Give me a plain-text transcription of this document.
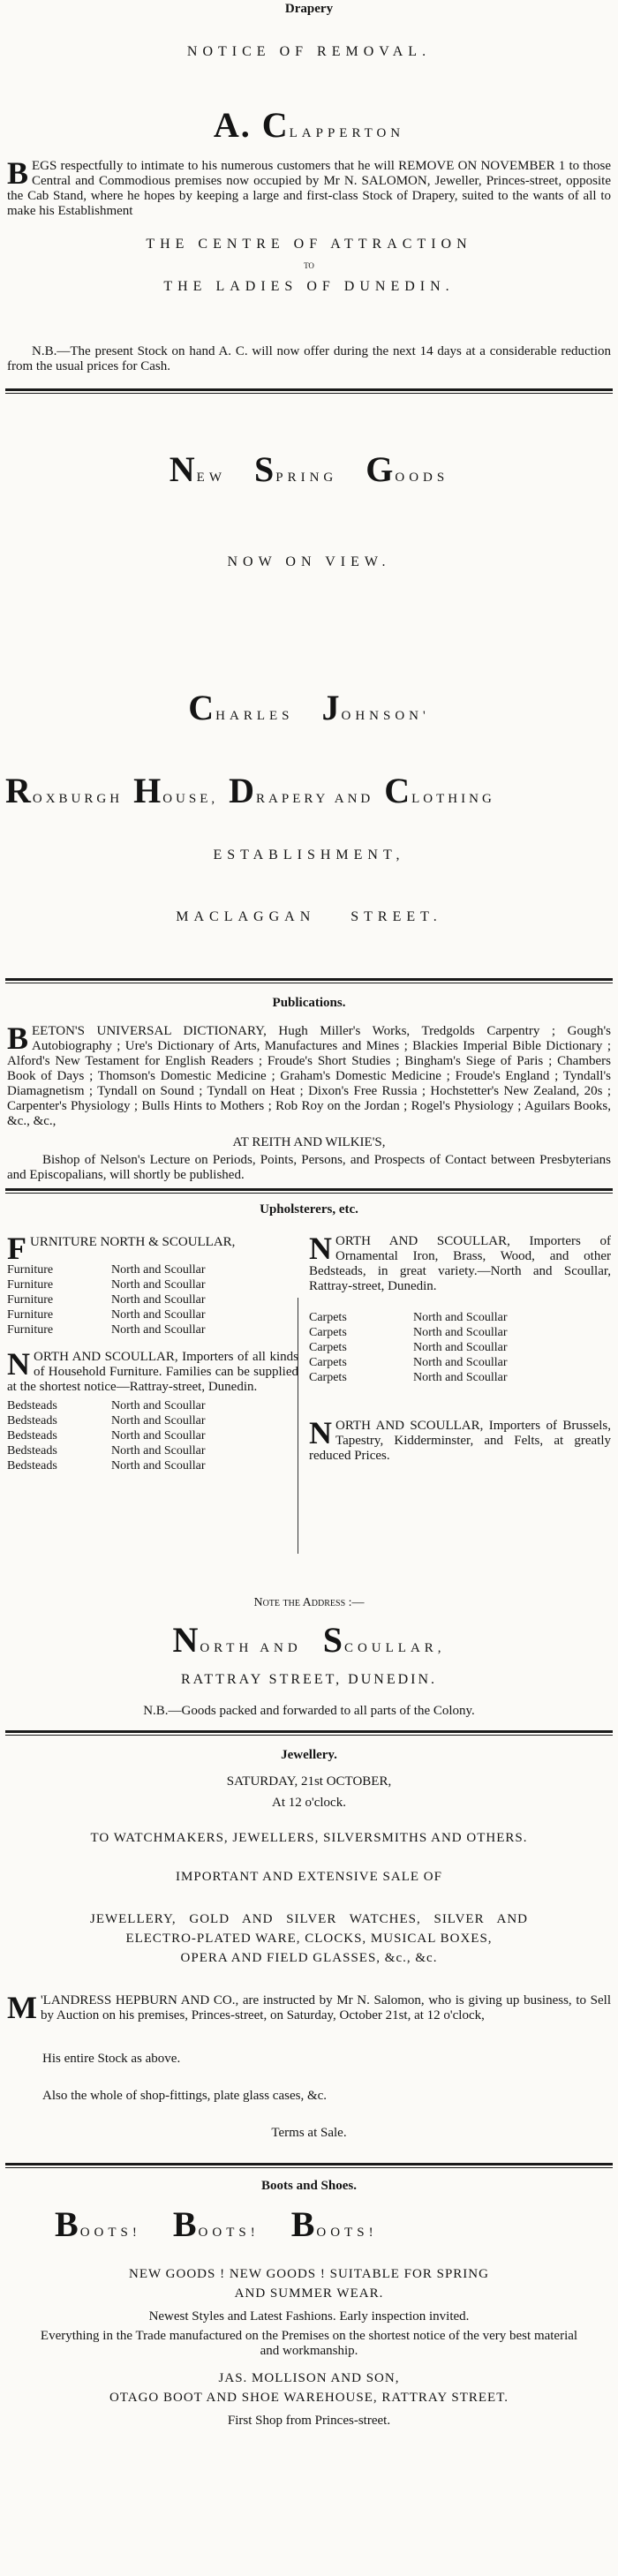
Drapery
NOTICE OF REMOVAL.
A. CLAPPERTON

BEGS respectfully to intimate to his numerous customers that he will REMOVE ON NOVEMBER 1 to those Central and Commodious premises now occupied by Mr N. SALOMON, Jeweller, Princes-street, opposite the Cab Stand, where he hopes by keeping a large and first-class Stock of Drapery, suited to the wants of all to make his Establishment

THE CENTRE OF ATTRACTION
TO
THE LADIES OF DUNEDIN.

N.B.—The present Stock on hand A. C. will now offer during the next 14 days at a considerable reduction from the usual prices for Cash.

NEW SPRING GOODS
NOW ON VIEW.
CHARLES JOHNSON'
ROXBURGH HOUSE, DRAPERY AND CLOTHING
ESTABLISHMENT,
MACLAGGAN STREET.
Publications.

BEETON'S UNIVERSAL DICTIONARY, Hugh Miller's Works, Tredgolds Carpentry ; Gough's Autobiography ; Ure's Dictionary of Arts, Manufactures and Mines ; Blackies Imperial Bible Dictionary ; Alford's New Testament for English Readers ; Froude's Short Studies ; Bingham's Siege of Paris ; Chambers Book of Days ; Thomson's Domestic Medicine ; Graham's Domestic Medicine ; Froude's England ; Tyndall's Diamagnetism ; Tyndall on Sound ; Tyndall on Heat ; Dixon's Free Russia ; Hochstetter's New Zealand, 20s ; Carpenter's Physiology ; Bulls Hints to Mothers ; Rob Roy on the Jordan ; Rogel's Physiology ; Aguilars Books, &c., &c.,

AT REITH AND WILKIE'S,

Bishop of Nelson's Lecture on Periods, Points, Persons, and Prospects of Contact between Presbyterians and Episcopalians, will shortly be published.

Upholsterers, etc.
FURNITURE NORTH & SCOULLAR,
Furniture	North and Scoullar
Furniture	North and Scoullar
Furniture	North and Scoullar
Furniture	North and Scoullar
Furniture	North and Scoullar
NORTH AND SCOULLAR, Importers of all kinds of Household Furniture. Families can be supplied at the shortest notice—Rattray-street, Dunedin.
Bedsteads	North and Scoullar
Bedsteads	North and Scoullar
Bedsteads	North and Scoullar
Bedsteads	North and Scoullar
Bedsteads	North and Scoullar
NORTH AND SCOULLAR, Importers of Ornamental Iron, Brass, Wood, and other Bedsteads, in great variety.—North and Scoullar, Rattray-street, Dunedin.
Carpets	North and Scoullar
Carpets	North and Scoullar
Carpets	North and Scoullar
Carpets	North and Scoullar
Carpets	North and Scoullar
NORTH AND SCOULLAR, Importers of Brussels, Tapestry, Kidderminster, and Felts, at greatly reduced Prices.
Note the Address :—
NORTH AND SCOULLAR,
RATTRAY STREET, DUNEDIN.
N.B.—Goods packed and forwarded to all parts of the Colony.
Jewellery.
SATURDAY, 21st OCTOBER,
At 12 o'clock.
TO WATCHMAKERS, JEWELLERS, SILVERSMITHS AND OTHERS.
IMPORTANT AND EXTENSIVE SALE OF
JEWELLERY, GOLD AND SILVER WATCHES, SILVER AND
ELECTRO-PLATED WARE, CLOCKS, MUSICAL BOXES,
OPERA AND FIELD GLASSES, &c., &c.

M 'LANDRESS HEPBURN AND CO., are instructed by Mr N. Salomon, who is giving up business, to Sell by Auction on his premises, Princes-street, on Saturday, October 21st, at 12 o'clock,

His entire Stock as above.
Also the whole of shop-fittings, plate glass cases, &c.
Terms at Sale.
Boots and Shoes.
BOOTS! BOOTS! BOOTS!
NEW GOODS ! NEW GOODS ! SUITABLE FOR SPRING
AND SUMMER WEAR.
Newest Styles and Latest Fashions. Early inspection invited.

Everything in the Trade manufactured on the Premises on the shortest notice of the very best material and workmanship.

JAS. MOLLISON AND SON,
OTAGO BOOT AND SHOE WAREHOUSE, RATTRAY STREET.
First Shop from Princes-street.
